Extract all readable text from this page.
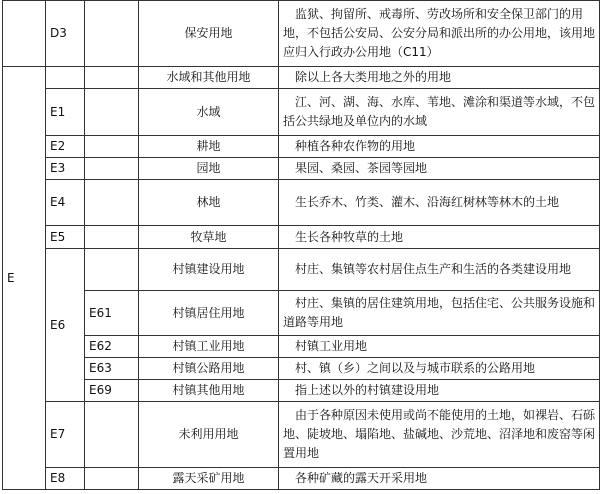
	D3		保安用地	监狱、拘留所、戒毒所、劳改场所和安全保卫部门的用地，不包括公安局、公安分局和派出所的办公用地，该用地应归入行政办公用地（C11）
E			水域和其他用地	除以上各大类用地之外的用地
	E1		水域	江、河、湖、海、水库、苇地、滩涂和渠道等水域，不包括公共绿地及单位内的水域
	E2		耕地	种植各种农作物的用地
	E3		园地	果园、桑园、茶园等园地
	E4		林地	生长乔木、竹类、灌木、沿海红树林等林木的土地
	E5		牧草地	生长各种牧草的土地
	E6		村镇建设用地	村庄、集镇等农村居住点生产和生活的各类建设用地
		E61	村镇居住用地	村庄、集镇的居住建筑用地，包括住宅、公共服务设施和道路等用地
		E62	村镇工业用地	村镇工业用地
		E63	村镇公路用地	村、镇（乡）之间以及与城市联系的公路用地
		E69	村镇其他用地	指上述以外的村镇建设用地
	E7		未利用用地	由于各种原因未使用或尚不能使用的土地，如裸岩、石砾地、陡坡地、塌陷地、盐碱地、沙荒地、沼泽地和废窑等闲置用地
	E8		露天采矿用地	各种矿藏的露天开采用地
